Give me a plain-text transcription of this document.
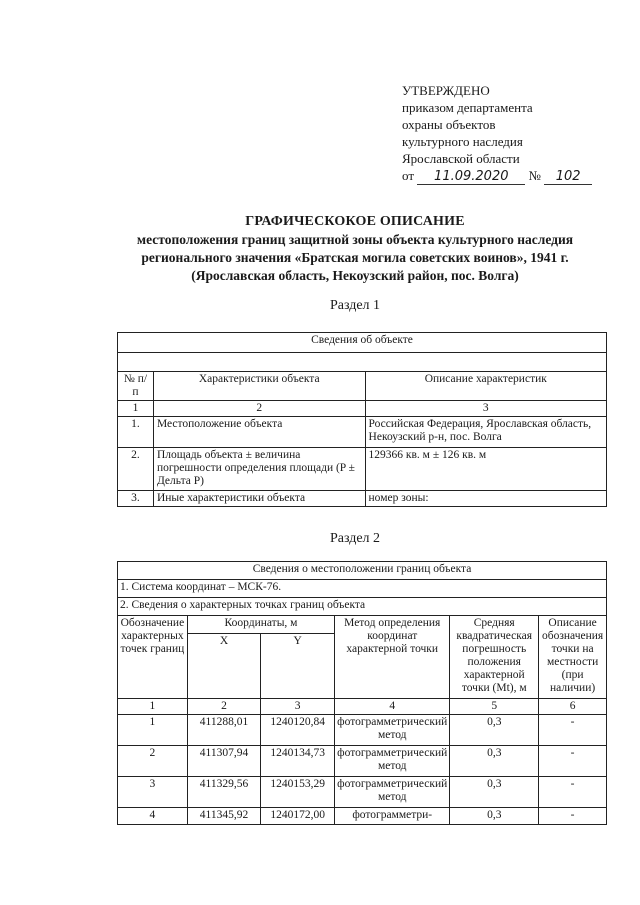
УТВЕРЖДЕНО
приказом департамента
охраны объектов
культурного наследия
Ярославской области
от 11.09.2020 № 102
ГРАФИЧЕСКОКОЕ ОПИСАНИЕ
местоположения границ защитной зоны объекта культурного наследия
регионального значения «Братская могила советских воинов», 1941 г.
(Ярославская область, Некоузский район, пос. Волга)
Раздел 1
Сведения об объекте		

№ п/п	Характеристики объекта	Описание характеристик
1	2	3
1.	Местоположение объекта	Российская Федерация, Ярославская область, Некоузский р-н, пос. Волга
2.	Площадь объекта ± величина погрешности определения площади (P ± Дельта P)	129366 кв. м ± 126 кв. м
3.	Иные характеристики объекта	номер зоны:
Раздел 2
Сведения о местоположении границ объекта					
1. Система координат – МСК-76.					
2. Сведения о характерных точках границ объекта					
Обозначение характерных точек границ	Координаты, м		Метод определения координат характерной точки	Средняя квадратическая погрешность положения характерной точки (Mt), м	Описание обозначения точки на местности (при наличии)
	X	Y			
1	2	3	4	5	6
1	411288,01	1240120,84	фотограмметрический метод	0,3	-
2	411307,94	1240134,73	фотограмметрический метод	0,3	-
3	411329,56	1240153,29	фотограмметрический метод	0,3	-
4	411345,92	1240172,00	фотограмметри-	0,3	-
